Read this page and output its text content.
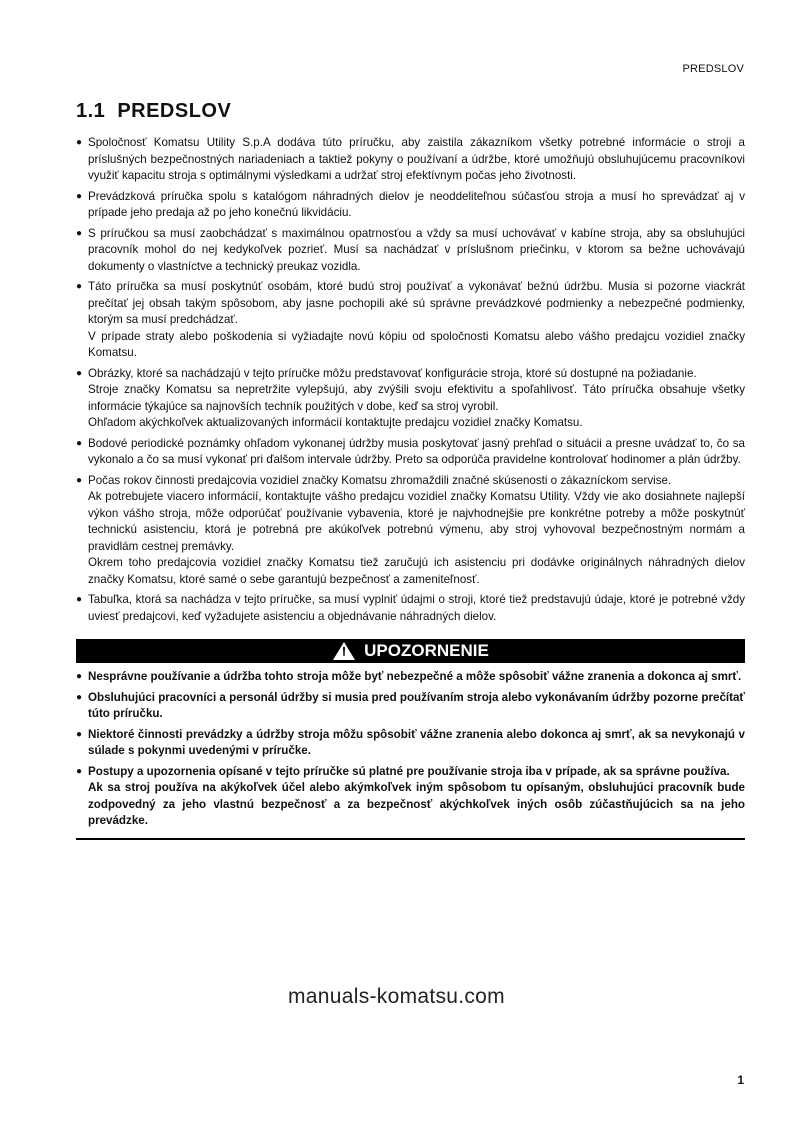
PREDSLOV
1.1 PREDSLOV
● Spoločnosť Komatsu Utility S.p.A dodáva túto príručku, aby zaistila zákazníkom všetky potrebné informácie o stroji a príslušných bezpečnostných nariadeniach a taktiež pokyny o používaní a údržbe, ktoré umožňujú obsluhujúcemu pracovníkovi využiť kapacitu stroja s optimálnymi výsledkami a udržať stroj efektívnym počas jeho životnosti.
● Prevádzková príručka spolu s katalógom náhradných dielov je neoddeliteľnou súčasťou stroja a musí ho sprevádzať aj v prípade jeho predaja až po jeho konečnú likvidáciu.
● S príručkou sa musí zaobchádzať s maximálnou opatrnosťou a vždy sa musí uchovávať v kabíne stroja, aby sa obsluhujúci pracovník mohol do nej kedykoľvek pozrieť. Musí sa nachádzať v príslušnom priečinku, v ktorom sa bežne uchovávajú dokumenty o vlastníctve a technický preukaz vozidla.
● Táto príručka sa musí poskytnúť osobám, ktoré budú stroj používať a vykonávať bežnú údržbu. Musia si pozorne viackrát prečítať jej obsah takým spôsobom, aby jasne pochopili aké sú správne prevádzkové podmienky a nebezpečné podmienky, ktorým sa musí predchádzať.
V prípade straty alebo poškodenia si vyžiadajte novú kópiu od spoločnosti Komatsu alebo vášho predajcu vozidiel značky Komatsu.
● Obrázky, ktoré sa nachádzajú v tejto príručke môžu predstavovať konfigurácie stroja, ktoré sú dostupné na požiadanie.
Stroje značky Komatsu sa nepretržite vylepšujú, aby zvýšili svoju efektivitu a spoľahlivosť. Táto príručka obsahuje všetky informácie týkajúce sa najnovších techník použitých v dobe, keď sa stroj vyrobil.
Ohľadom akýchkoľvek aktualizovaných informácií kontaktujte predajcu vozidiel značky Komatsu.
● Bodové periodické poznámky ohľadom vykonanej údržby musia poskytovať jasný prehľad o situácii a presne uvádzať to, čo sa vykonalo a čo sa musí vykonať pri ďalšom intervale údržby. Preto sa odporúča pravidelne kontrolovať hodinomer a plán údržby.
● Počas rokov činnosti predajcovia vozidiel značky Komatsu zhromaždili značné skúsenosti o zákazníckom servise.
Ak potrebujete viacero informácií, kontaktujte vášho predajcu vozidiel značky Komatsu Utility. Vždy vie ako dosiahnete najlepší výkon vášho stroja, môže odporúčať používanie vybavenia, ktoré je najvhodnejšie pre konkrétne potreby a môže poskytnúť technickú asistenciu, ktorá je potrebná pre akúkoľvek potrebnú výmenu, aby stroj vyhovoval bezpečnostným normám a pravidlám cestnej premávky.
Okrem toho predajcovia vozidiel značky Komatsu tiež zaručujú ich asistenciu pri dodávke originálnych náhradných dielov značky Komatsu, ktoré samé o sebe garantujú bezpečnosť a zameniteľnosť.
● Tabuľka, ktorá sa nachádza v tejto príručke, sa musí vyplniť údajmi o stroji, ktoré tiež predstavujú údaje, ktoré je potrebné vždy uviesť predajcovi, keď vyžadujete asistenciu a objednávanie náhradných dielov.
UPOZORNENIE
● Nesprávne používanie a údržba tohto stroja môže byť nebezpečné a môže spôsobiť vážne zranenia a dokonca aj smrť.
● Obsluhujúci pracovníci a personál údržby si musia pred používaním stroja alebo vykonávaním údržby pozorne prečítať túto príručku.
● Niektoré činnosti prevádzky a údržby stroja môžu spôsobiť vážne zranenia alebo dokonca aj smrť, ak sa nevykonajú v súlade s pokynmi uvedenými v príručke.
● Postupy a upozornenia opísané v tejto príručke sú platné pre používanie stroja iba v prípade, ak sa správne používa.
Ak sa stroj používa na akýkoľvek účel alebo akýmkoľvek iným spôsobom tu opísaným, obsluhujúci pracovník bude zodpovedný za jeho vlastnú bezpečnosť a za bezpečnosť akýchkoľvek iných osôb zúčastňujúcich sa na jeho prevádzke.
manuals-komatsu.com
1
